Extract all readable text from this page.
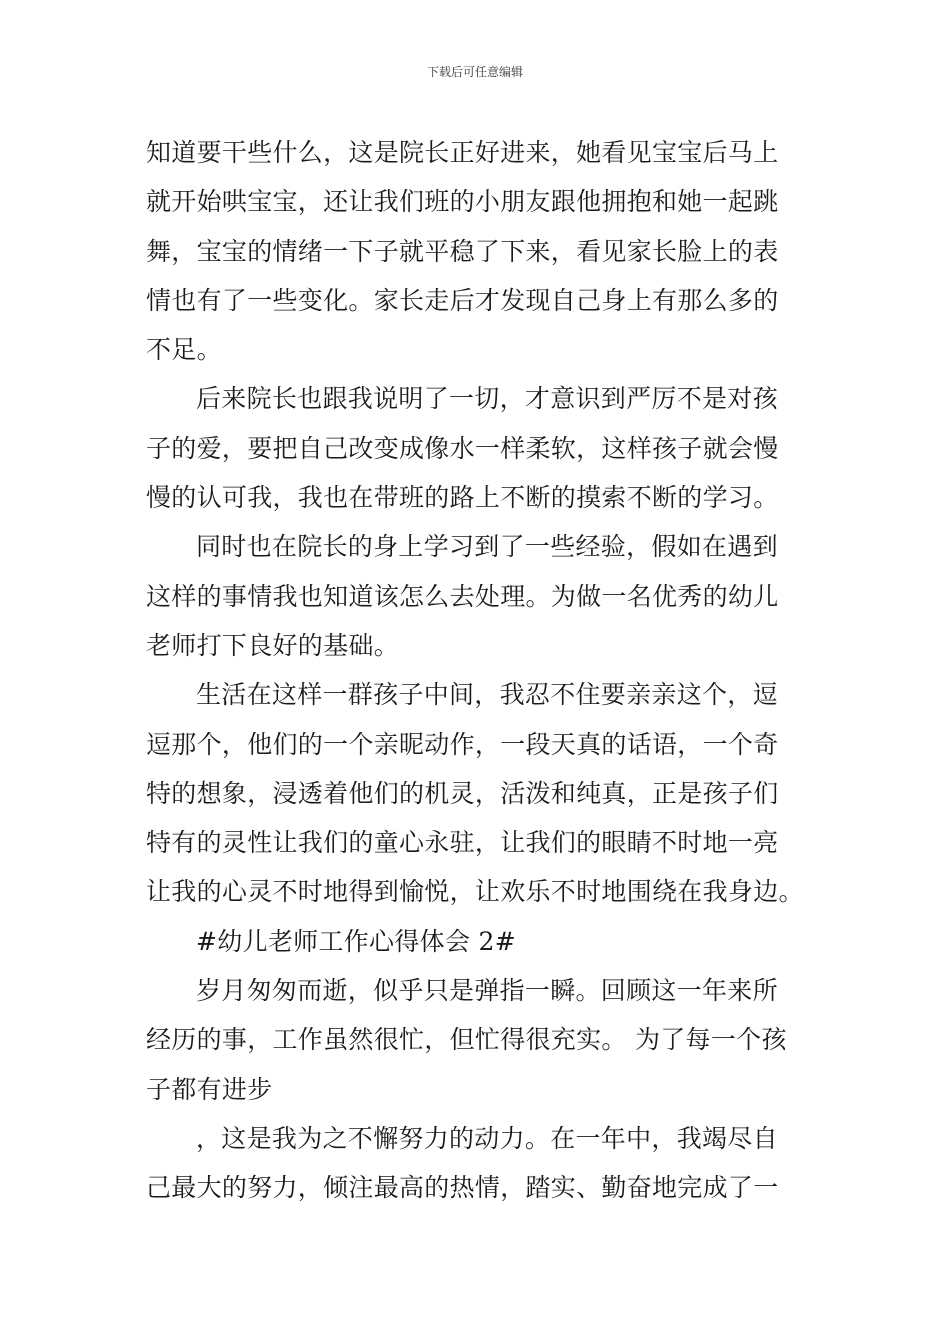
下载后可任意编辑
知道要干些什么，这是院长正好进来，她看见宝宝后马上
就开始哄宝宝，还让我们班的小朋友跟他拥抱和她一起跳
舞，宝宝的情绪一下子就平稳了下来，看见家长脸上的表
情也有了一些变化。家长走后才发现自己身上有那么多的
不足。
后来院长也跟我说明了一切，才意识到严厉不是对孩
子的爱，要把自己改变成像水一样柔软，这样孩子就会慢
慢的认可我，我也在带班的路上不断的摸索不断的学习。
同时也在院长的身上学习到了一些经验，假如在遇到
这样的事情我也知道该怎么去处理。为做一名优秀的幼儿
老师打下良好的基础。
生活在这样一群孩子中间，我忍不住要亲亲这个，逗
逗那个，他们的一个亲昵动作，一段天真的话语，一个奇
特的想象，浸透着他们的机灵，活泼和纯真，正是孩子们
特有的灵性让我们的童心永驻，让我们的眼睛不时地一亮
让我的心灵不时地得到愉悦，让欢乐不时地围绕在我身边。
#幼儿老师工作心得体会 2#
岁月匆匆而逝，似乎只是弹指一瞬。回顾这一年来所
经历的事，工作虽然很忙，但忙得很充实。 为了每一个孩
子都有进步
，这是我为之不懈努力的动力。在一年中，我竭尽自
己最大的努力，倾注最高的热情，踏实、勤奋地完成了一
